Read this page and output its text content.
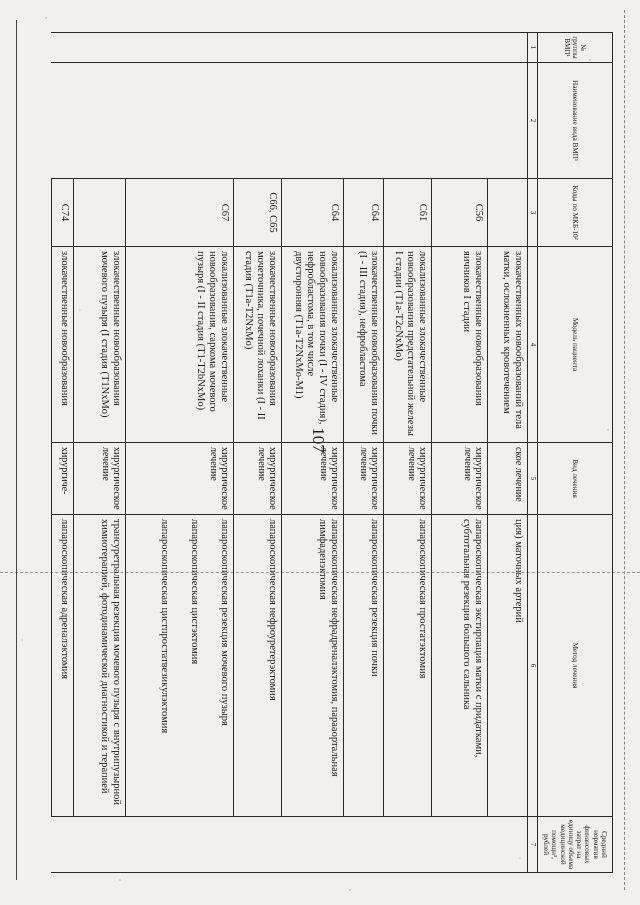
107
№ группы ВМП¹	Наименование вида ВМП¹	Коды по МКБ-10²	Модель пациента	Вид лечения	Метод лечения	Средний норматив финансовых затрат на единицу объема медицинской помощи³, рублей
1	2	3	4	5	6	7
			злокачественных новообразований тела матки, осложненных кровотечением	ское лечение	ция) маточных артерий	
		C56	злокачественные новообразования яичников I стадии	хирургическое лечение	лапароскопическая экстирпация матки с придатками, субтотальная резекция большого сальника	
		C61	локализованные злокачественные новообразования предстательной железы I стадии (T1a-T2cNxMo)	хирургическое лечение	лапароскопическая простатэктомия	
		C64	злокачественные новообразования почки (I - III стадия), нефробластома	хирургическое лечение	лапароскопическая резекция почки	
		C64	локализованные злокачественные новообразования почки (I - IV стадия), нефробластома, в том числе двусторонняя (T1a-T2NxMo-M1)	хирургическое лечение	лапароскопическая нефрадреналэктомия, парааортальная лимфаденэктомия	
		C66, C65	злокачественные новообразования мочеточника, почечной лоханки (I - II стадия (T1a-T2NxMo)	хирургическое лечение	лапароскопическая нефроуретерэктомия	
		C67	локализованные злокачественные новообразования, саркома мочевого пузыря (I - II стадия (T1-T2bNxMo)	хирургическое лечение	лапароскопическая резекция мочевого пузыря
лапароскопическая цистэктомия
лапароскопическая цистпростатвезикулэктомия	

			злокачественные новообразования мочевого пузыря (I стадия (T1NxMo)	хирургическое лечение	трансуретральная резекция мочевого пузыря с внутрипузырной химиотерапией, фотодинамической диагностикой и терапией	
		C74	злокачественные новообразования	хирургиче-	лапароскопическая адреналэктомия	
